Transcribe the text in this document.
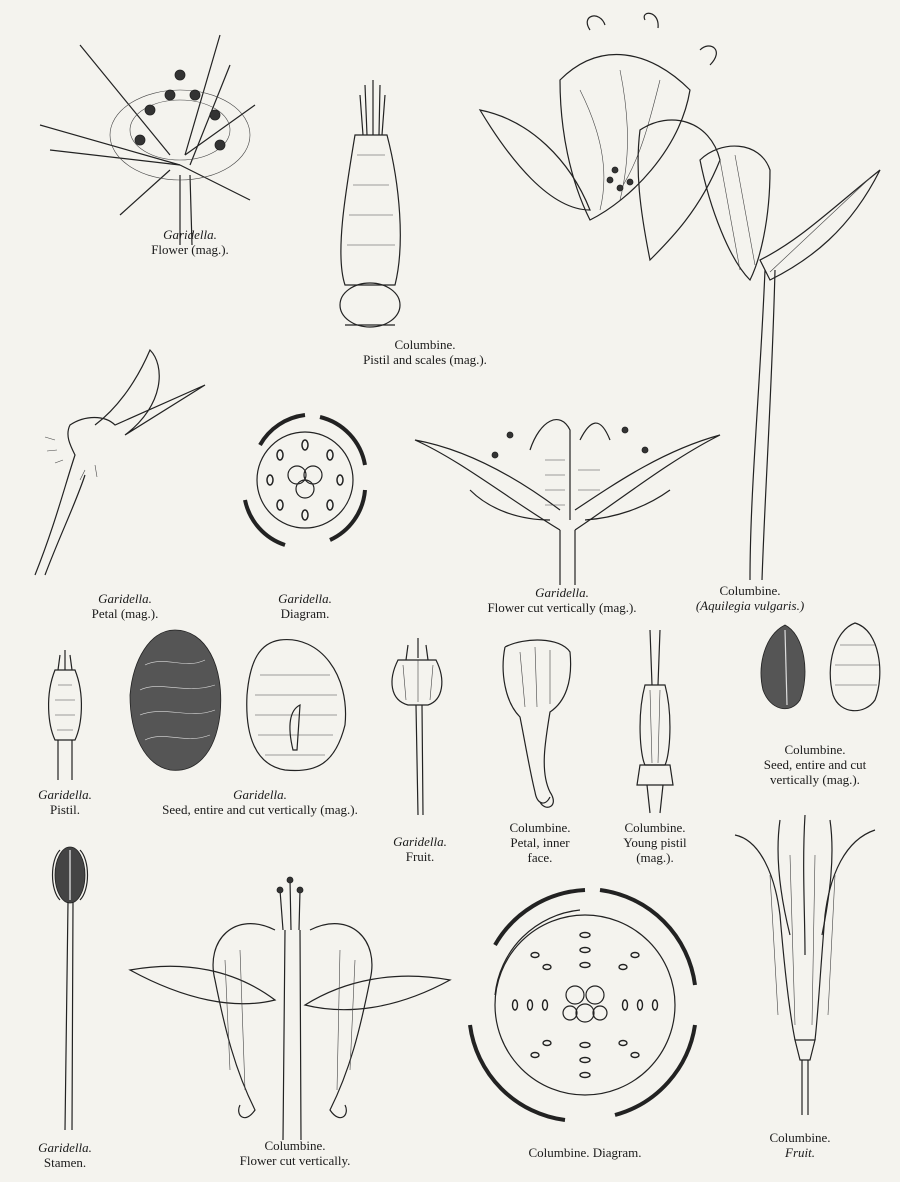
Garidella.
Flower (mag.).
Columbine.
Pistil and scales (mag.).
Columbine.
(Aquilegia vulgaris.)
Garidella.
Petal (mag.).
Garidella.
Diagram.
Garidella.
Flower cut vertically (mag.).
Garidella.
Pistil.
Garidella.
Seed, entire and cut vertically (mag.).
Garidella.
Fruit.
Columbine.
Petal, inner
face.
Columbine.
Young pistil
(mag.).
Columbine.
Seed, entire and cut
vertically (mag.).
Garidella.
Stamen.
Columbine.
Flower cut vertically.
Columbine. Diagram.
Columbine.
Fruit.
